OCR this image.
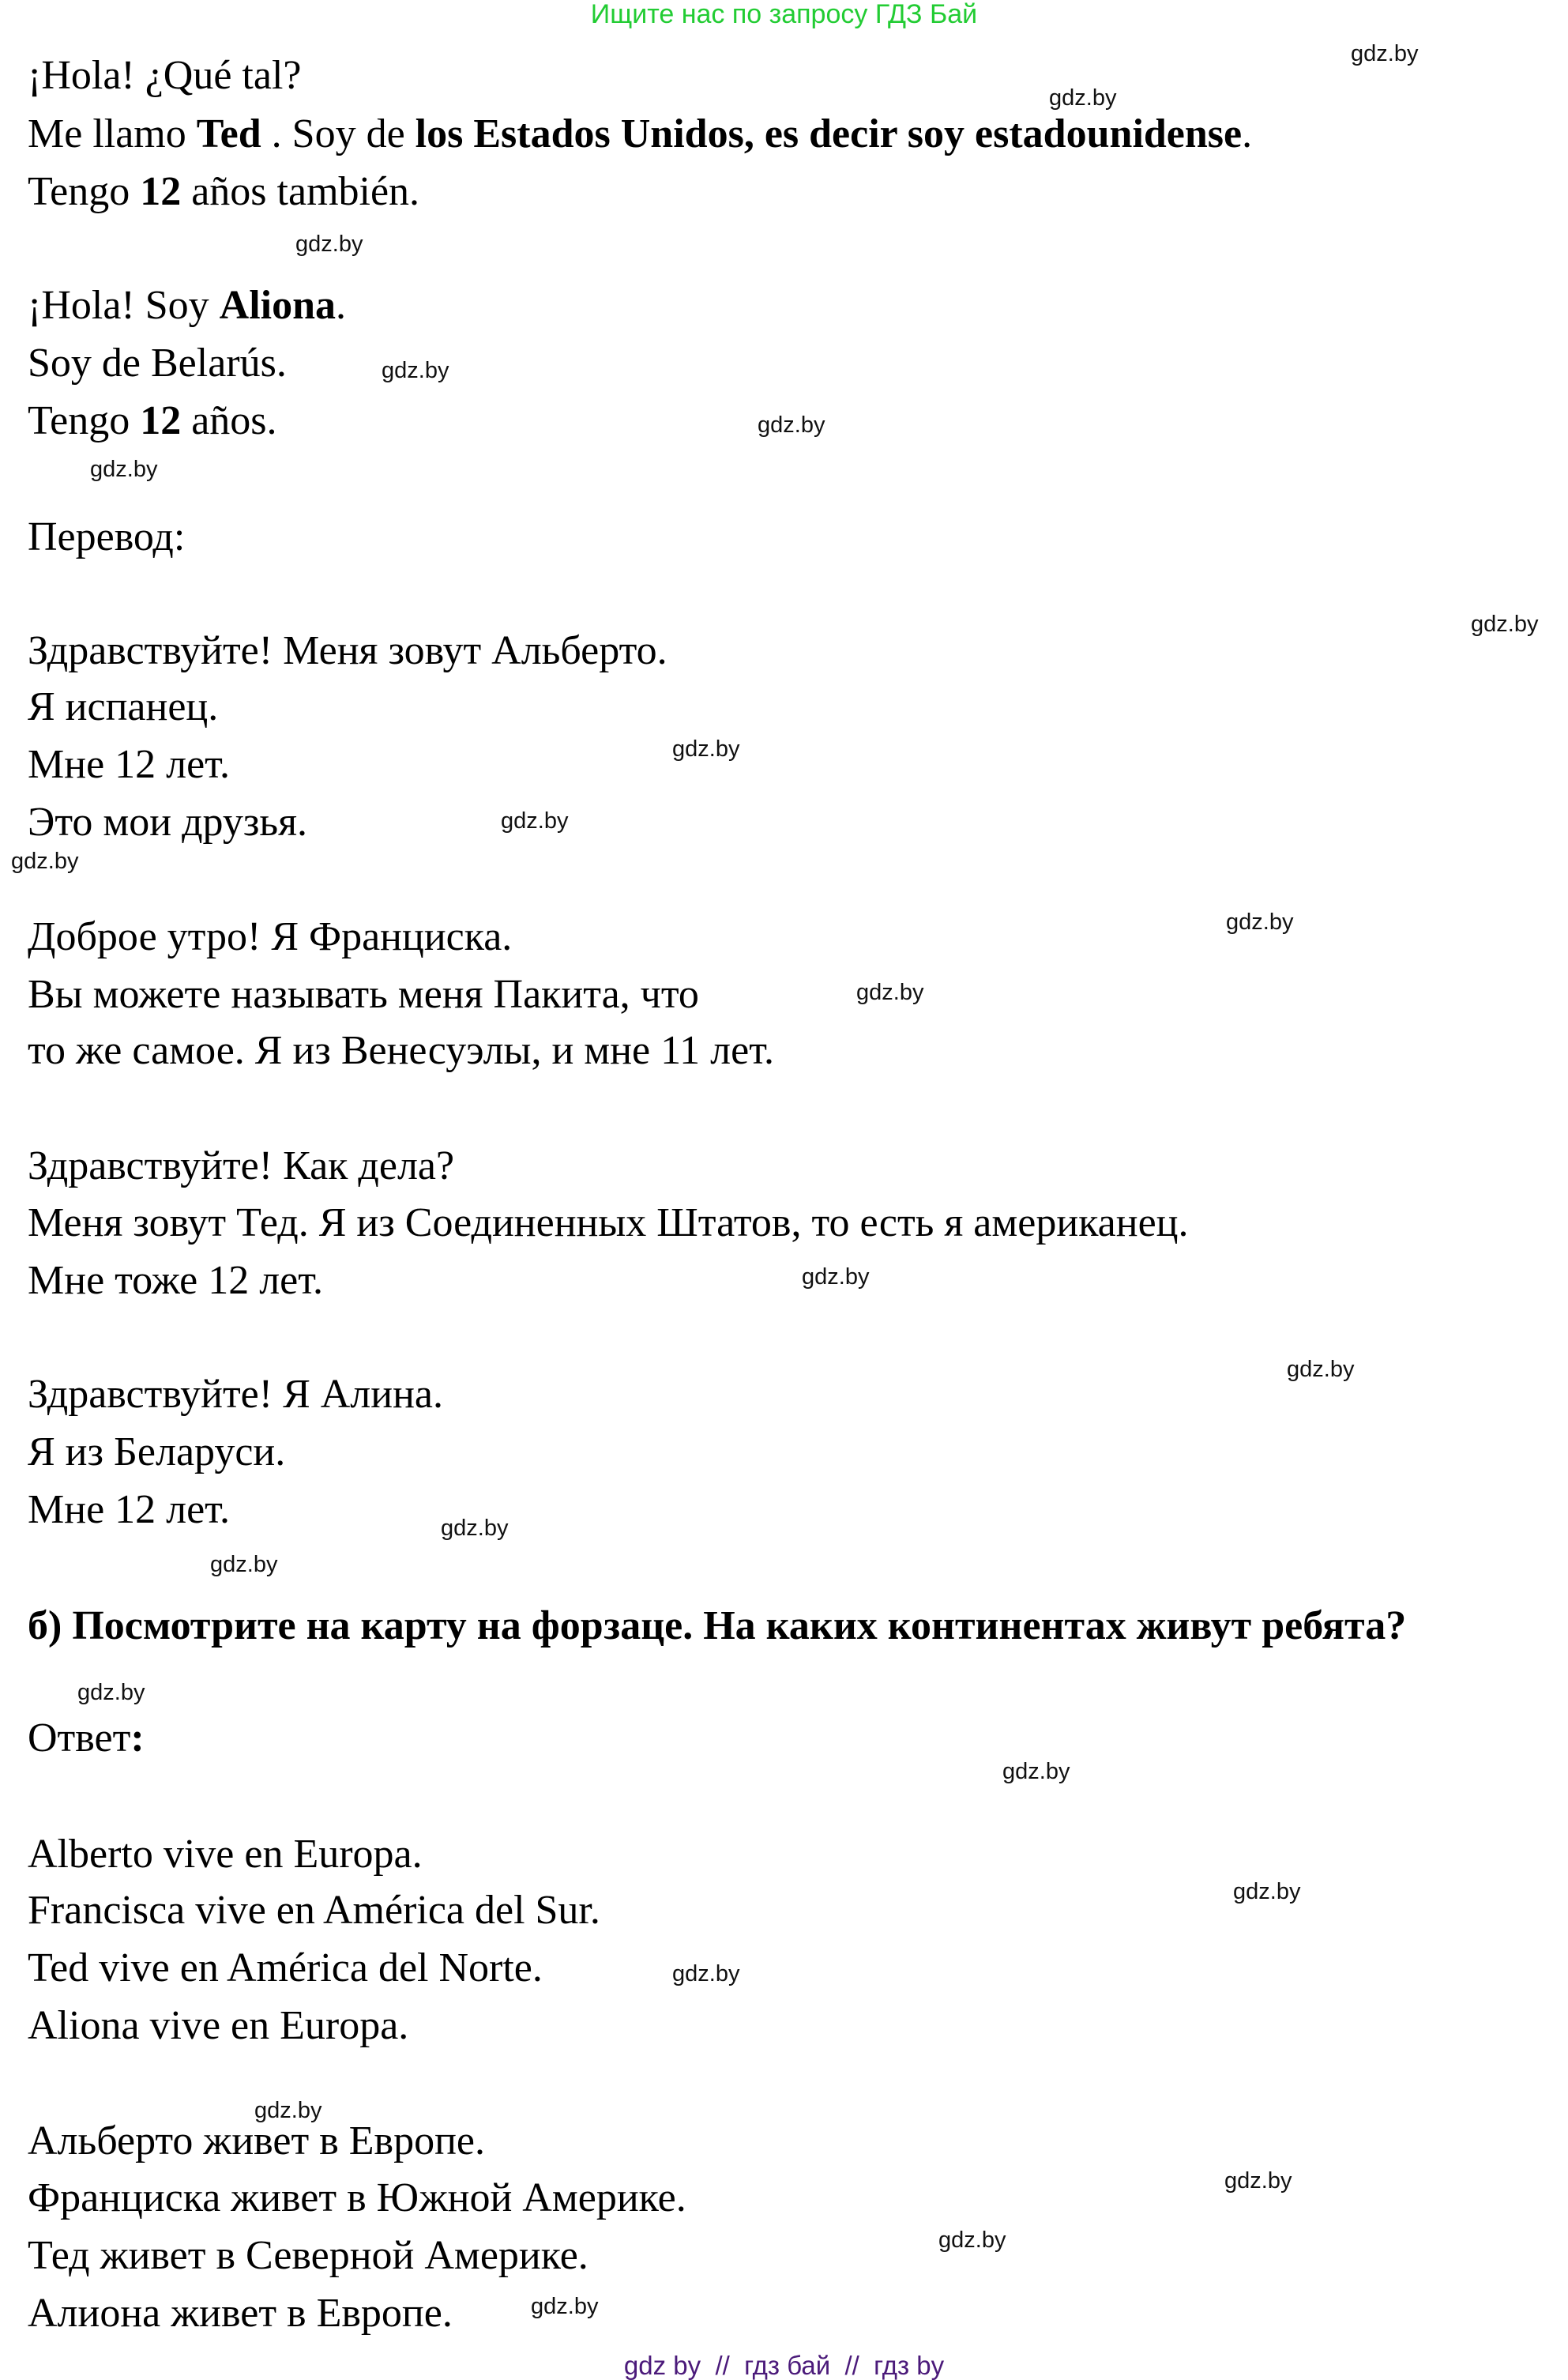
Ищите нас по запросу ГДЗ Бай
¡Hola! ¿Qué tal?
Me llamo Ted . Soy de los Estados Unidos, es decir soy estadounidense.
Tengo 12 años también.
¡Hola! Soy Aliona.
Soy de Belarús.
Tengo 12 años.
Перевод:
Здравствуйте! Меня зовут Альберто.
Я испанец.
Мне 12 лет.
Это мои друзья.
Доброе утро! Я Франциска.
Вы можете называть меня Пакита, что
то же самое. Я из Венесуэлы, и мне 11 лет.
Здравствуйте! Как дела?
Меня зовут Тед. Я из Соединенных Штатов, то есть я американец.
Мне тоже 12 лет.
Здравствуйте! Я Алина.
Я из Беларуси.
Мне 12 лет.
б) Посмотрите на карту на форзаце. На каких континентах живут ребята?
Ответ:
Alberto vive en Europa.
Francisca vive en América del Sur.
Ted vive en América del Norte.
Aliona vive en Europa.
Альберто живет в Европе.
Франциска живет в Южной Америке.
Тед живет в Северной Америке.
Алиона живет в Европе.
gdz.by
gdz.by
gdz.by
gdz.by
gdz.by
gdz.by
gdz.by
gdz.by
gdz.by
gdz.by
gdz.by
gdz.by
gdz.by
gdz.by
gdz.by
gdz.by
gdz.by
gdz.by
gdz.by
gdz.by
gdz.by
gdz.by
gdz.by
gdz.by
gdz by  //  гдз бай  //  гдз by
